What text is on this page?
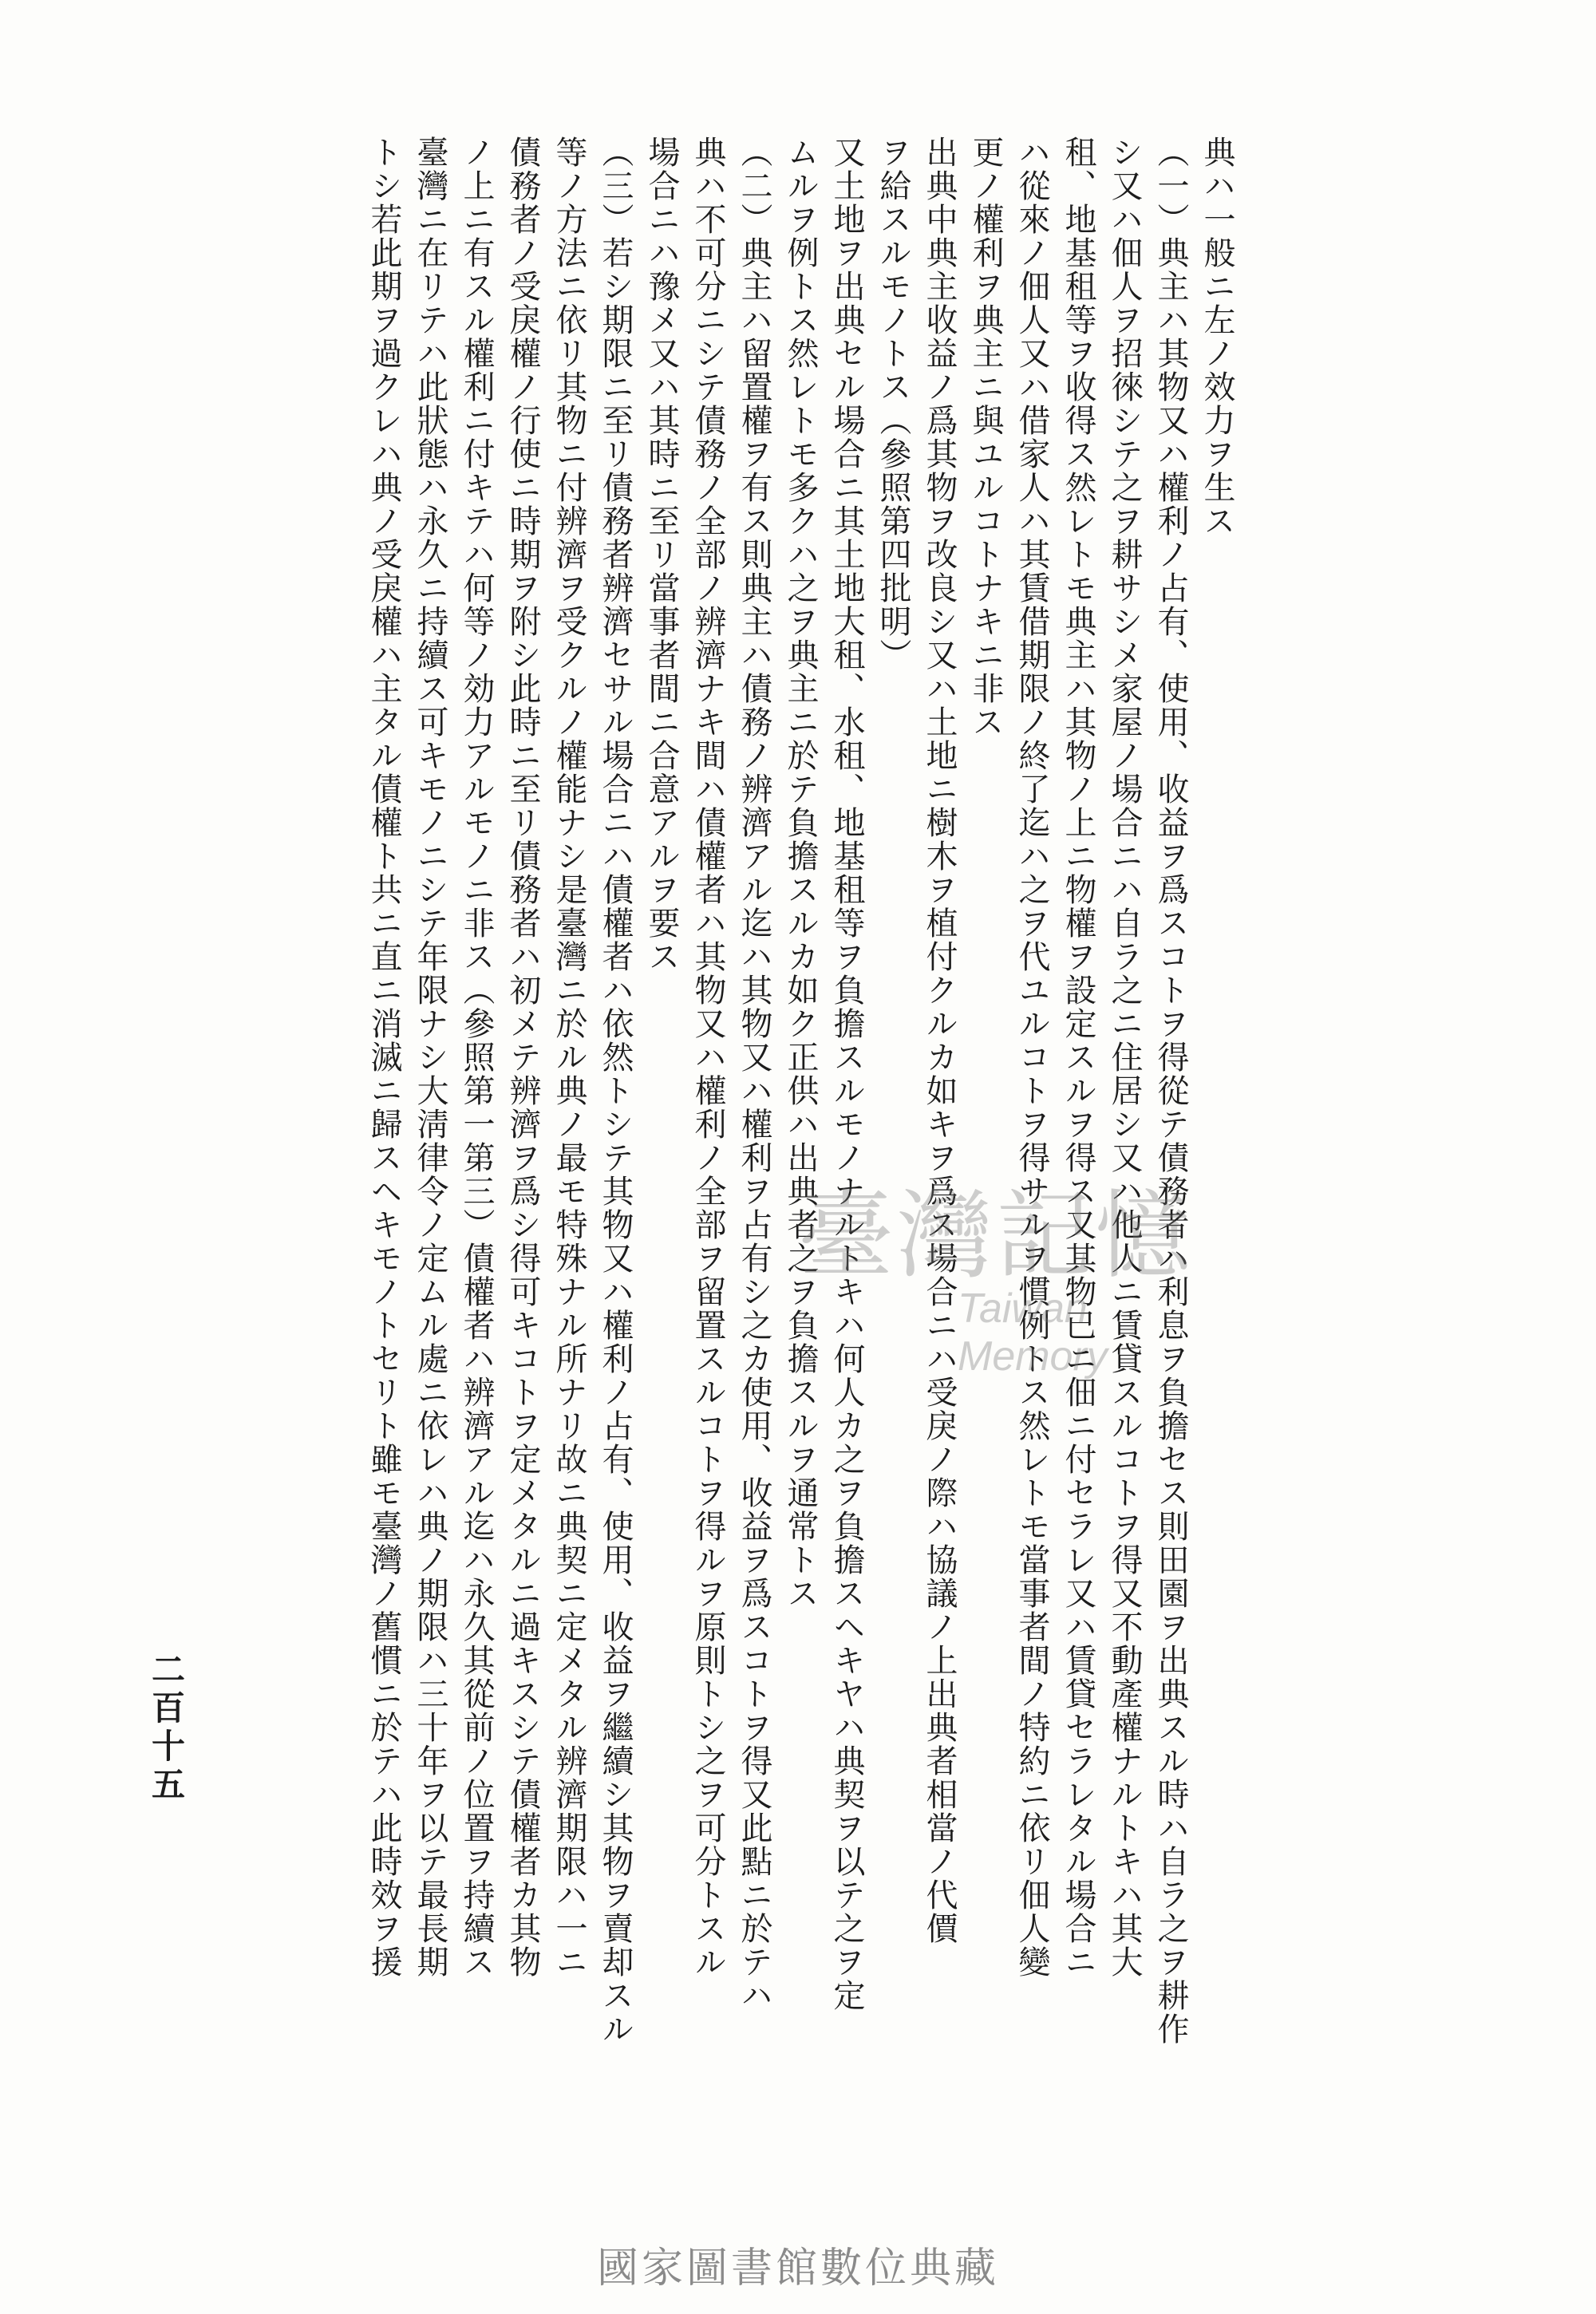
典ハ一般ニ左ノ效力ヲ生ス
（一）典主ハ其物又ハ權利ノ占有、使用、收益ヲ爲スコトヲ得從テ債務者ハ利息ヲ負擔セス則田園ヲ出典スル時ハ自ラ之ヲ耕作
シ又ハ佃人ヲ招徠シテ之ヲ耕サシメ家屋ノ場合ニハ自ラ之ニ住居シ又ハ他人ニ賃貸スルコトヲ得又不動產權ナルトキハ其大
租、地基租等ヲ收得ス然レトモ典主ハ其物ノ上ニ物權ヲ設定スルヲ得ス又其物已ニ佃ニ付セラレ又ハ賃貸セラレタル場合ニ
ハ從來ノ佃人又ハ借家人ハ其賃借期限ノ終了迄ハ之ヲ代ユルコトヲ得サルヲ慣例トス然レトモ當事者間ノ特約ニ依リ佃人變
更ノ權利ヲ典主ニ與ユルコトナキニ非ス
出典中典主收益ノ爲其物ヲ改良シ又ハ土地ニ樹木ヲ植付クルカ如キヲ爲ス場合ニハ受戾ノ際ハ協議ノ上出典者相當ノ代價
ヲ給スルモノトス（參照第四批明）
又土地ヲ出典セル場合ニ其土地大租、水租、地基租等ヲ負擔スルモノナルトキハ何人カ之ヲ負擔スヘキヤハ典契ヲ以テ之ヲ定
ムルヲ例トス然レトモ多クハ之ヲ典主ニ於テ負擔スルカ如ク正供ハ出典者之ヲ負擔スルヲ通常トス
（二）典主ハ留置權ヲ有ス則典主ハ債務ノ辨濟アル迄ハ其物又ハ權利ヲ占有シ之カ使用、收益ヲ爲スコトヲ得又此點ニ於テハ
典ハ不可分ニシテ債務ノ全部ノ辨濟ナキ間ハ債權者ハ其物又ハ權利ノ全部ヲ留置スルコトヲ得ルヲ原則トシ之ヲ可分トスル
場合ニハ豫メ又ハ其時ニ至リ當事者間ニ合意アルヲ要ス
（三）若シ期限ニ至リ債務者辨濟セサル場合ニハ債權者ハ依然トシテ其物又ハ權利ノ占有、使用、收益ヲ繼續シ其物ヲ賣却スル
等ノ方法ニ依リ其物ニ付辨濟ヲ受クルノ權能ナシ是臺灣ニ於ル典ノ最モ特殊ナル所ナリ故ニ典契ニ定メタル辨濟期限ハ一ニ
債務者ノ受戾權ノ行使ニ時期ヲ附シ此時ニ至リ債務者ハ初メテ辨濟ヲ爲シ得可キコトヲ定メタルニ過キスシテ債權者カ其物
ノ上ニ有スル權利ニ付キテハ何等ノ効力アルモノニ非ス（參照第一第三）債權者ハ辨濟アル迄ハ永久其從前ノ位置ヲ持續ス
臺灣ニ在リテハ此狀態ハ永久ニ持續ス可キモノニシテ年限ナシ大淸律令ノ定ムル處ニ依レハ典ノ期限ハ三十年ヲ以テ最長期
トシ若此期ヲ過クレハ典ノ受戾權ハ主タル債權ト共ニ直ニ消滅ニ歸スヘキモノトセリト雖モ臺灣ノ舊慣ニ於テハ此時效ヲ援
二百十五
臺灣記憶
Taiwan Memory
國家圖書館數位典藏
